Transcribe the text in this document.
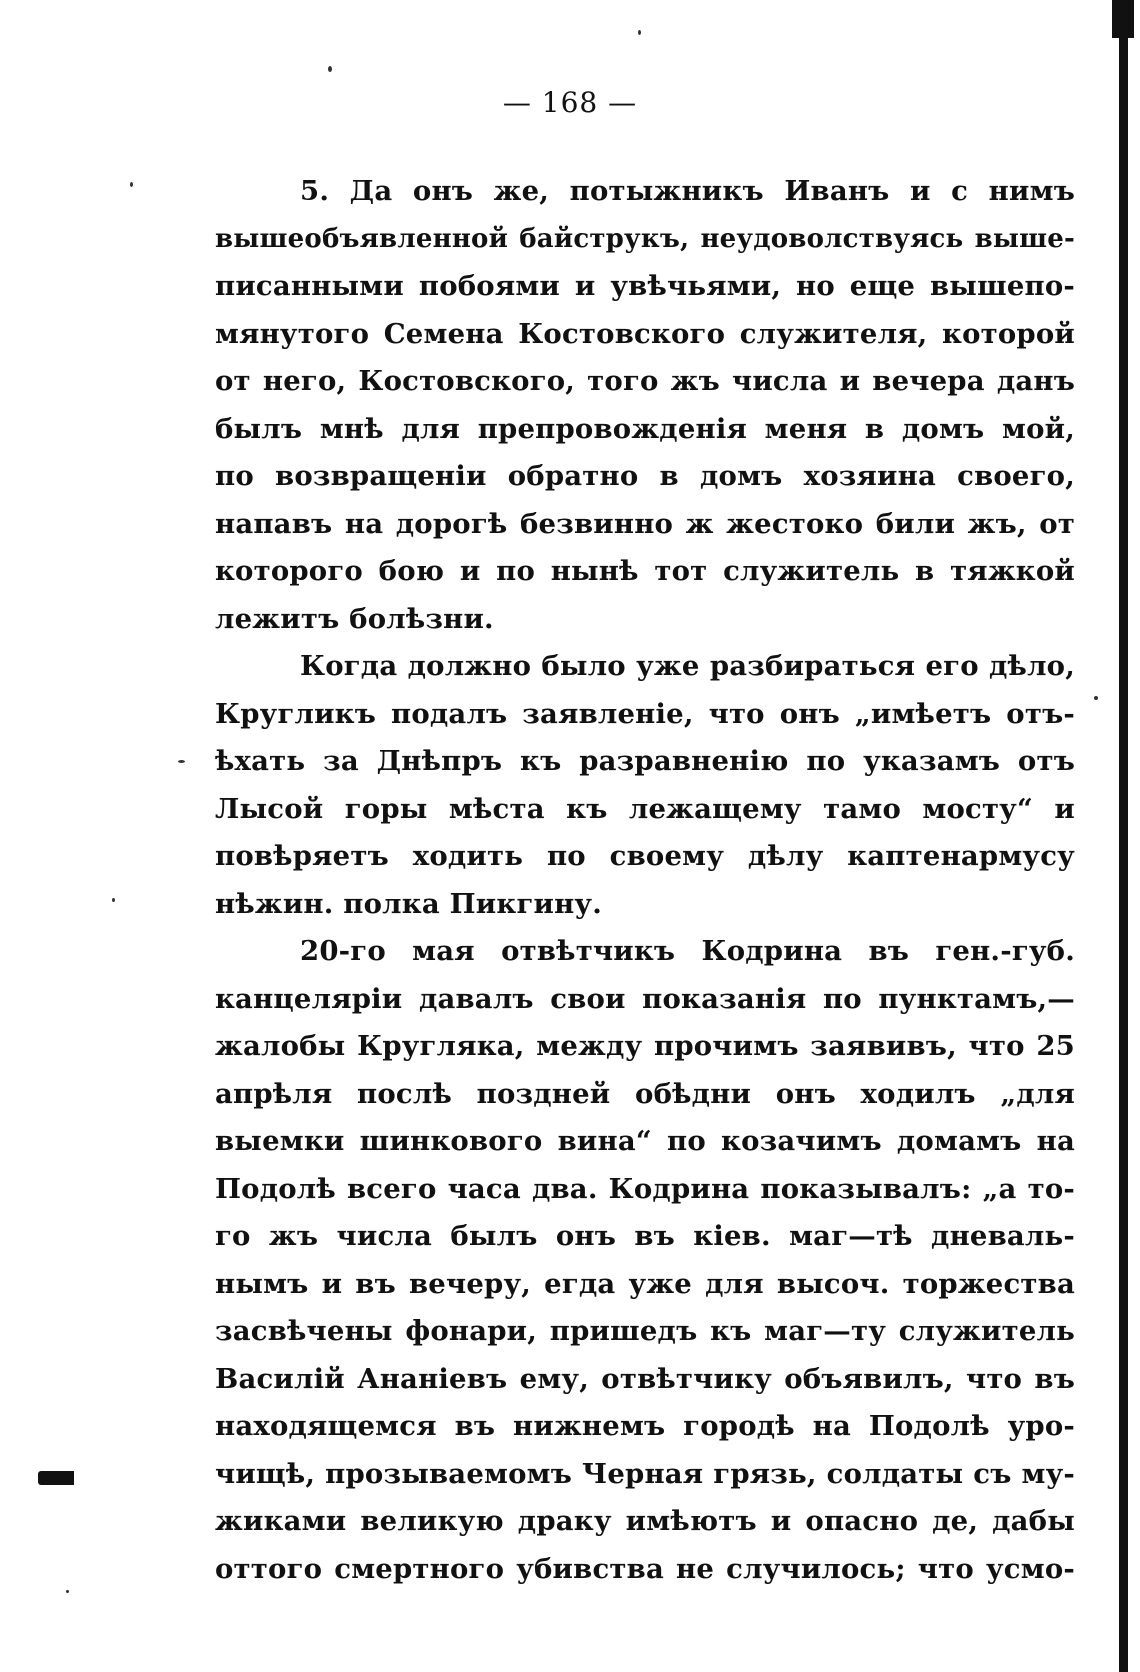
— 168 —
5. Да онъ же, потыжникъ Иванъ и с нимъ
вышеобъявленной байструкъ, неудоволствуясь выше-
писанными побоями и увѣчьями, но еще вышепо-
мянутого Семена Костовского служителя, которой
от него, Костовского, того жъ числа и вечера данъ
былъ мнѣ для препровожденія меня в домъ мой,
по возвращеніи обратно в домъ хозяина своего,
напавъ на дорогѣ безвинно ж жестоко били жъ, от
которого бою и по нынѣ тот служитель в тяжкой
лежитъ болѣзни.
Когда должно было уже разбираться его дѣло,
Кругликъ подалъ заявленіе, что онъ „имѣетъ отъ-
ѣхать за Днѣпръ къ разравненію по указамъ отъ
Лысой горы мѣста къ лежащему тамо мосту“ и
повѣряетъ ходить по своему дѣлу каптенармусу
нѣжин. полка Пикгину.
20-го мая отвѣтчикъ Кодрина въ ген.-губ.
канцеляріи давалъ свои показанія по пунктамъ,—
жалобы Кругляка, между прочимъ заявивъ, что 25
апрѣля послѣ поздней обѣдни онъ ходилъ „для
выемки шинкового вина“ по козачимъ домамъ на
Подолѣ всего часа два. Кодрина показывалъ: „а то-
го жъ числа былъ онъ въ кіев. маг—тѣ дневаль-
нымъ и въ вечеру, егда уже для высоч. торжества
засвѣчены фонари, пришедъ къ маг—ту служитель
Василій Ананіевъ ему, отвѣтчику объявилъ, что въ
находящемся въ нижнемъ городѣ на Подолѣ уро-
чищѣ, прозываемомъ Черная грязь, солдаты съ му-
жиками великую драку имѣютъ и опасно де, дабы
оттого смертного убивства не случилось; что усмо-
